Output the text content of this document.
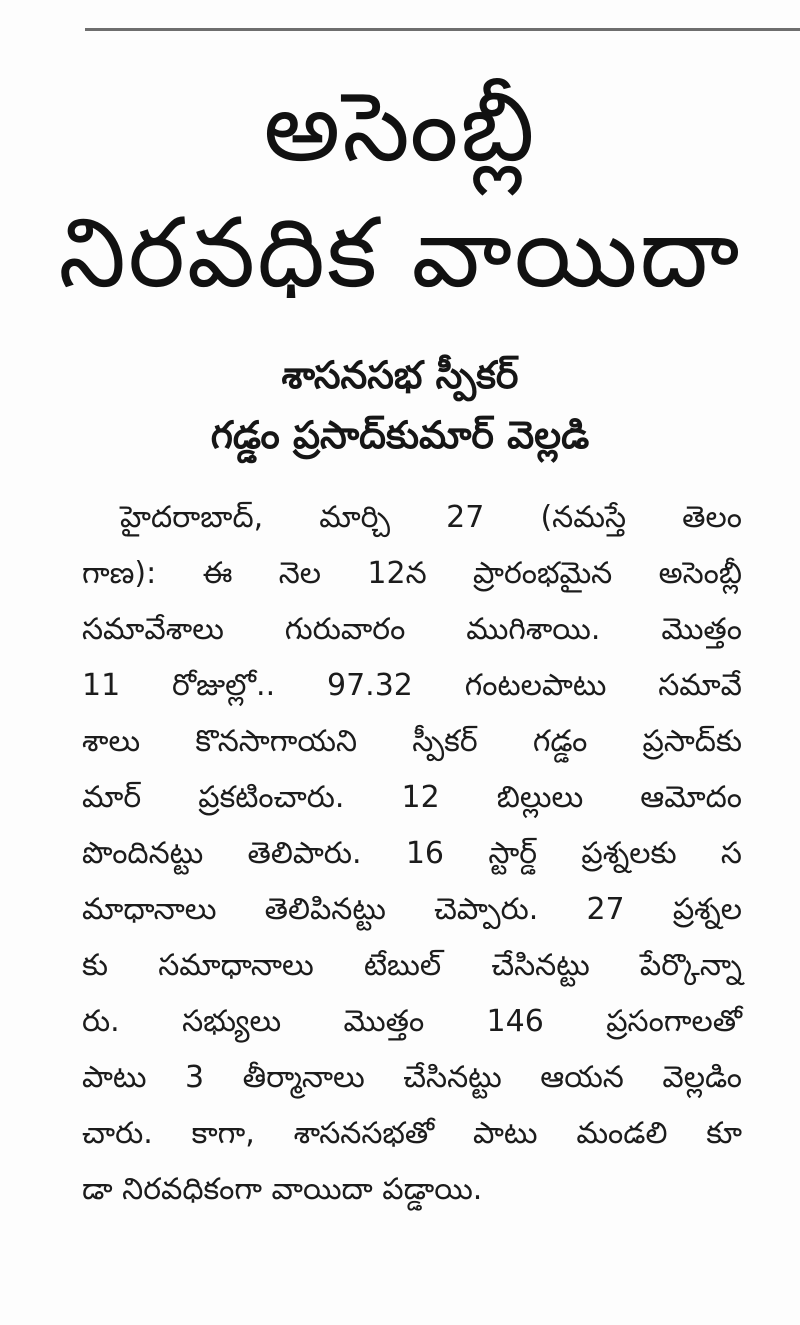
అసెంబ్లీ
నిరవధిక వాయిదా
శాసనసభ స్పీకర్
గడ్డం ప్రసాద్‌కుమార్ వెల్లడి
హైదరాబాద్, మార్చి 27 (నమస్తే తెలం
గాణ): ఈ నెల 12న ప్రారంభమైన అసెంబ్లీ
సమావేశాలు గురువారం ముగిశాయి. మొత్తం
11 రోజుల్లో.. 97.32 గంటలపాటు సమావే
శాలు కొనసాగాయని స్పీకర్ గడ్డం ప్రసాద్‌కు
మార్ ప్రకటించారు. 12 బిల్లులు ఆమోదం
పొందినట్టు తెలిపారు. 16 స్టార్డ్ ప్రశ్నలకు స
మాధానాలు తెలిపినట్టు చెప్పారు. 27 ప్రశ్నల
కు సమాధానాలు టేబుల్ చేసినట్టు పేర్కొన్నా
రు. సభ్యులు మొత్తం 146 ప్రసంగాలతో
పాటు 3 తీర్మానాలు చేసినట్టు ఆయన వెల్లడిం
చారు. కాగా, శాసనసభతో పాటు మండలి కూ
డా నిరవధికంగా వాయిదా పడ్డాయి.
